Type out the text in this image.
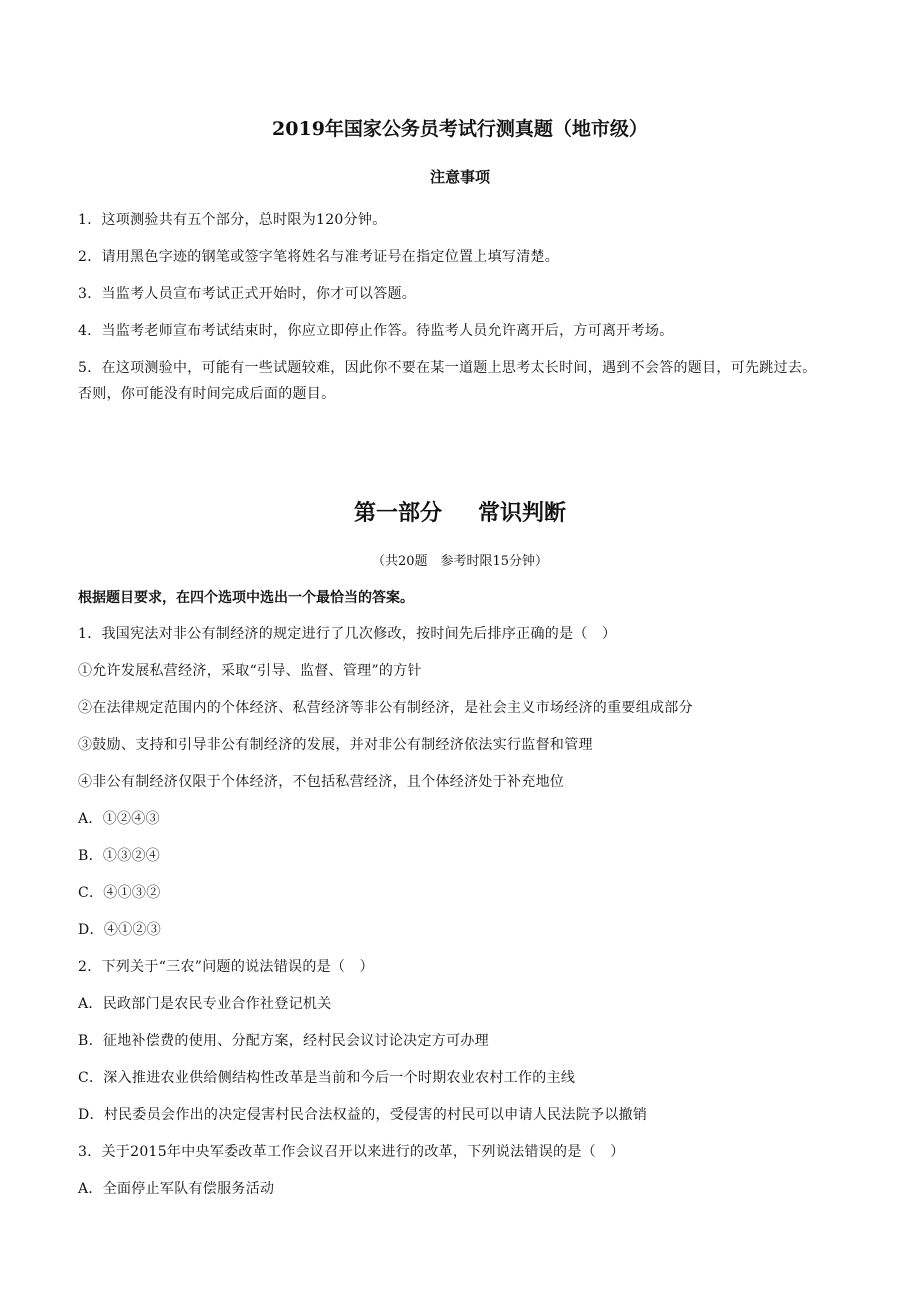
2019年国家公务员考试行测真题（地市级）
注意事项
1．这项测验共有五个部分，总时限为120分钟。
2．请用黑色字迹的钢笔或签字笔将姓名与准考证号在指定位置上填写清楚。
3．当监考人员宣布考试正式开始时，你才可以答题。
4．当监考老师宣布考试结束时，你应立即停止作答。待监考人员允许离开后，方可离开考场。
5．在这项测验中，可能有一些试题较难，因此你不要在某一道题上思考太长时间，遇到不会答的题目，可先跳过去。
否则，你可能没有时间完成后面的题目。
第一部分 常识判断
（共20题　参考时限15分钟）
根据题目要求，在四个选项中选出一个最恰当的答案。
1．我国宪法对非公有制经济的规定进行了几次修改，按时间先后排序正确的是（　）
①允许发展私营经济，采取“引导、监督、管理”的方针
②在法律规定范围内的个体经济、私营经济等非公有制经济，是社会主义市场经济的重要组成部分
③鼓励、支持和引导非公有制经济的发展，并对非公有制经济依法实行监督和管理
④非公有制经济仅限于个体经济，不包括私营经济，且个体经济处于补充地位
A．①②④③
B．①③②④
C．④①③②
D．④①②③
2．下列关于“三农”问题的说法错误的是（　）
A．民政部门是农民专业合作社登记机关
B．征地补偿费的使用、分配方案，经村民会议讨论决定方可办理
C．深入推进农业供给侧结构性改革是当前和今后一个时期农业农村工作的主线
D．村民委员会作出的决定侵害村民合法权益的，受侵害的村民可以申请人民法院予以撤销
3．关于2015年中央军委改革工作会议召开以来进行的改革，下列说法错误的是（　）
A．全面停止军队有偿服务活动
